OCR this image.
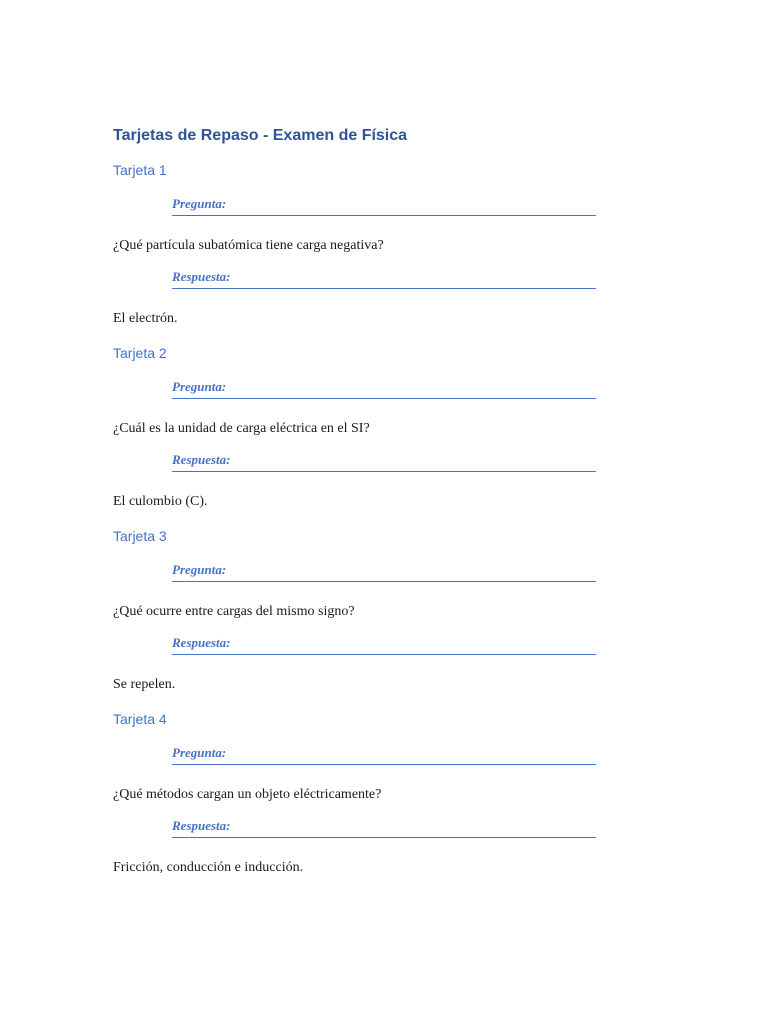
Tarjetas de Repaso - Examen de Física
Tarjeta 1
Pregunta:
¿Qué partícula subatómica tiene carga negativa?
Respuesta:
El electrón.
Tarjeta 2
Pregunta:
¿Cuál es la unidad de carga eléctrica en el SI?
Respuesta:
El culombio (C).
Tarjeta 3
Pregunta:
¿Qué ocurre entre cargas del mismo signo?
Respuesta:
Se repelen.
Tarjeta 4
Pregunta:
¿Qué métodos cargan un objeto eléctricamente?
Respuesta:
Fricción, conducción e inducción.
